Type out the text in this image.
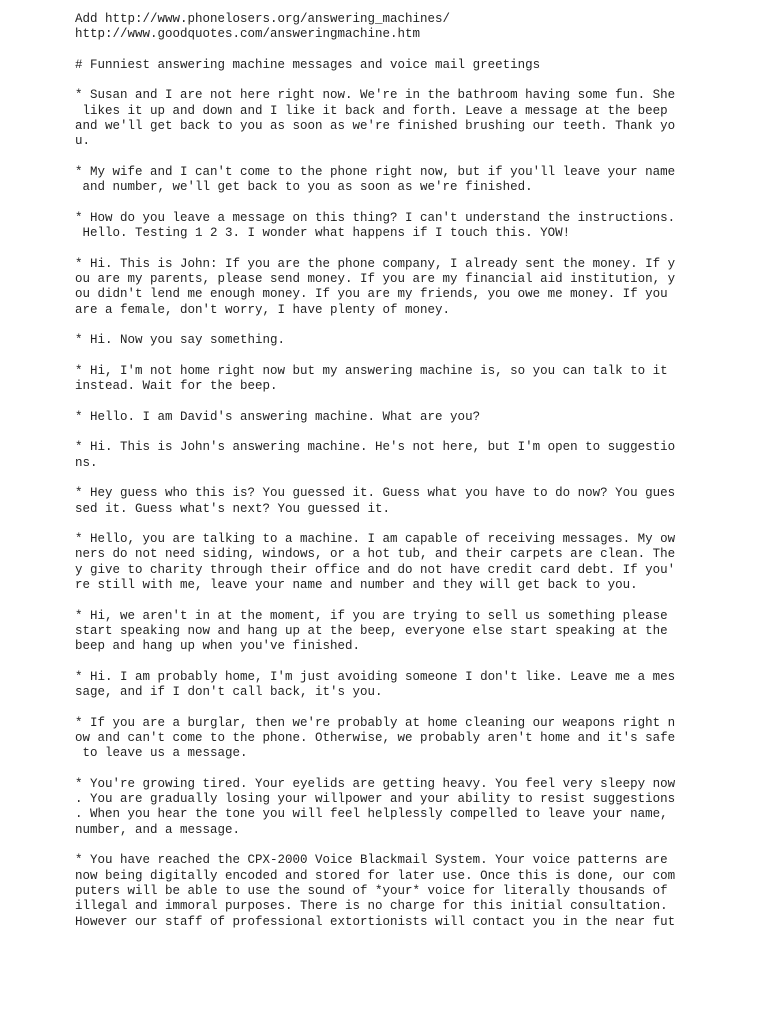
Add http://www.phonelosers.org/answering_machines/
http://www.goodquotes.com/answeringmachine.htm
# Funniest answering machine messages and voice mail greetings
* Susan and I are not here right now. We're in the bathroom having some fun. She
likes it up and down and I like it back and forth. Leave a message at the beep
and we'll get back to you as soon as we're finished brushing our teeth. Thank yo
u.
* My wife and I can't come to the phone right now, but if you'll leave your name
and number, we'll get back to you as soon as we're finished.
* How do you leave a message on this thing? I can't understand the instructions.
Hello. Testing 1 2 3. I wonder what happens if I touch this. YOW!
* Hi. This is John: If you are the phone company, I already sent the money. If y
ou are my parents, please send money. If you are my financial aid institution, y
ou didn't lend me enough money. If you are my friends, you owe me money. If you
are a female, don't worry, I have plenty of money.
* Hi. Now you say something.
* Hi, I'm not home right now but my answering machine is, so you can talk to it
instead. Wait for the beep.
* Hello. I am David's answering machine. What are you?
* Hi. This is John's answering machine. He's not here, but I'm open to suggestio
ns.
* Hey guess who this is? You guessed it. Guess what you have to do now? You gues
sed it. Guess what's next? You guessed it.
* Hello, you are talking to a machine. I am capable of receiving messages. My ow
ners do not need siding, windows, or a hot tub, and their carpets are clean. The
y give to charity through their office and do not have credit card debt. If you'
re still with me, leave your name and number and they will get back to you.
* Hi, we aren't in at the moment, if you are trying to sell us something please
start speaking now and hang up at the beep, everyone else start speaking at the
beep and hang up when you've finished.
* Hi. I am probably home, I'm just avoiding someone I don't like. Leave me a mes
sage, and if I don't call back, it's you.
* If you are a burglar, then we're probably at home cleaning our weapons right n
ow and can't come to the phone. Otherwise, we probably aren't home and it's safe
to leave us a message.
* You're growing tired. Your eyelids are getting heavy. You feel very sleepy now
. You are gradually losing your willpower and your ability to resist suggestions
. When you hear the tone you will feel helplessly compelled to leave your name,
number, and a message.
* You have reached the CPX-2000 Voice Blackmail System. Your voice patterns are
now being digitally encoded and stored for later use. Once this is done, our com
puters will be able to use the sound of *your* voice for literally thousands of
illegal and immoral purposes. There is no charge for this initial consultation.
However our staff of professional extortionists will contact you in the near fut
